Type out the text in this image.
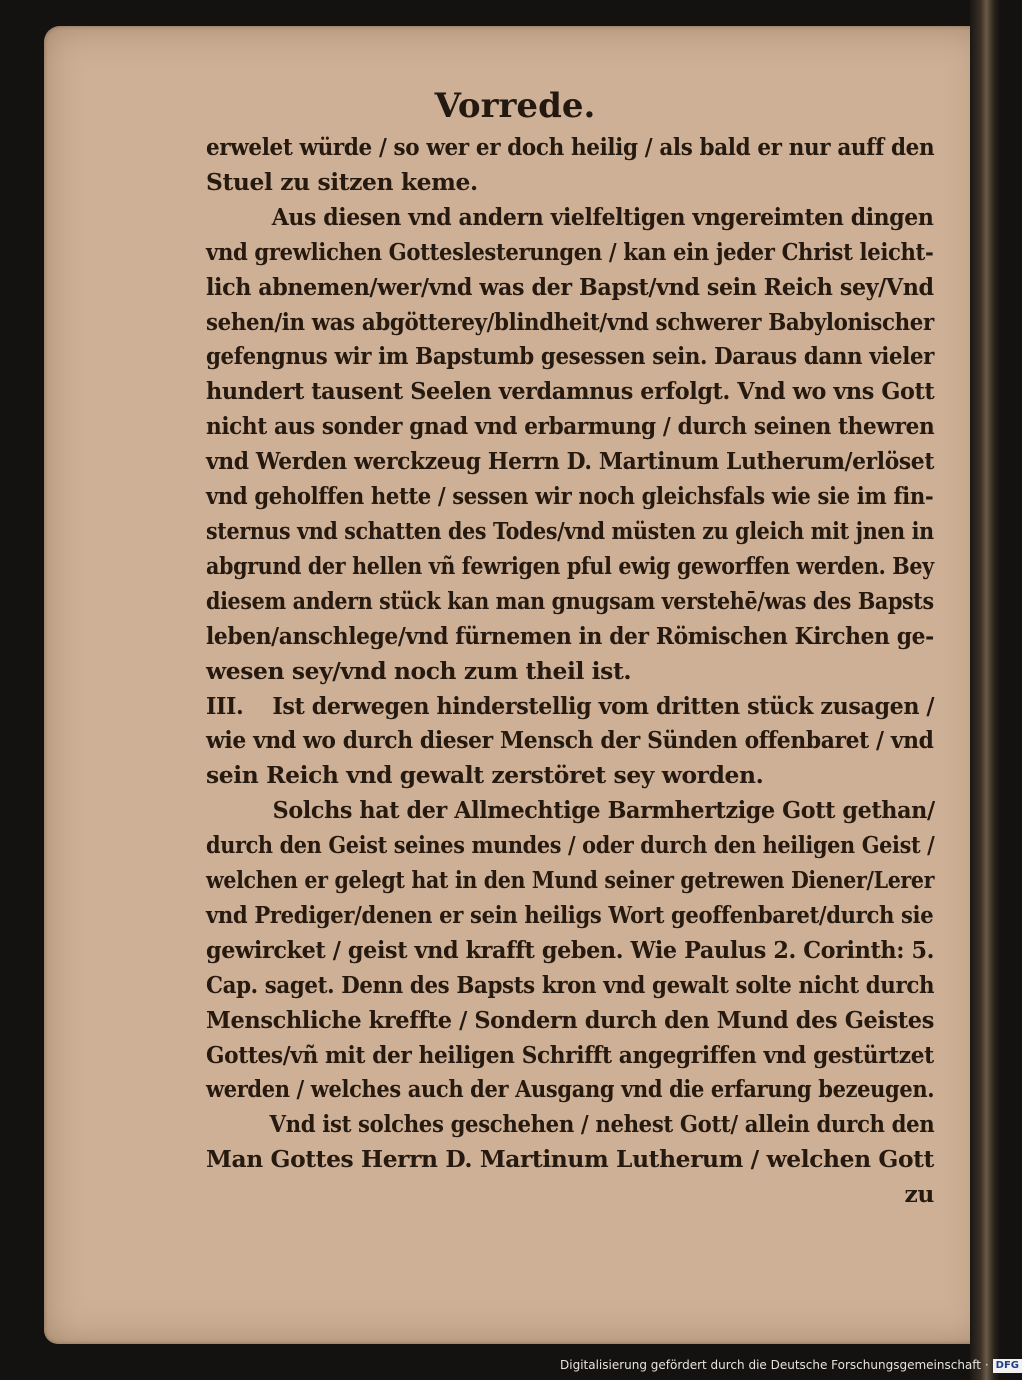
Vorrede.
erwelet würde / so wer er doch heilig / als bald er nur auff den
Stuel zu sitzen keme.
Aus diesen vnd andern vielfeltigen vngereimten dingen
vnd grewlichen Gotteslesterungen / kan ein jeder Christ leicht-
lich abnemen/wer/vnd was der Bapst/vnd sein Reich sey/Vnd
sehen/in was abgötterey/blindheit/vnd schwerer Babylonischer
gefengnus wir im Bapstumb gesessen sein. Daraus dann vieler
hundert tausent Seelen verdamnus erfolgt. Vnd wo vns Gott
nicht aus sonder gnad vnd erbarmung / durch seinen thewren
vnd Werden werckzeug Herrn D. Martinum Lutherum/erlöset
vnd geholffen hette / sessen wir noch gleichsfals wie sie im fin-
sternus vnd schatten des Todes/vnd müsten zu gleich mit jnen in
abgrund der hellen vñ fewrigen pful ewig geworffen werden. Bey
diesem andern stück kan man gnugsam verstehē/was des Bapsts
leben/anschlege/vnd fürnemen in der Römischen Kirchen ge-
wesen sey/vnd noch zum theil ist.
III. Ist derwegen hinderstellig vom dritten stück zusagen /
wie vnd wo durch dieser Mensch der Sünden offenbaret / vnd
sein Reich vnd gewalt zerstöret sey worden.
Solchs hat der Allmechtige Barmhertzige Gott gethan/
durch den Geist seines mundes / oder durch den heiligen Geist /
welchen er gelegt hat in den Mund seiner getrewen Diener/Lerer
vnd Prediger/denen er sein heiligs Wort geoffenbaret/durch sie
gewircket / geist vnd krafft geben. Wie Paulus 2. Corinth: 5.
Cap. saget. Denn des Bapsts kron vnd gewalt solte nicht durch
Menschliche kreffte / Sondern durch den Mund des Geistes
Gottes/vñ mit der heiligen Schrifft angegriffen vnd gestürtzet
werden / welches auch der Ausgang vnd die erfarung bezeugen.
Vnd ist solches geschehen / nehest Gott/ allein durch den
Man Gottes Herrn D. Martinum Lutherum / welchen Gott
zu
Digitalisierung gefördert durch die Deutsche Forschungsgemeinschaft · DFG
